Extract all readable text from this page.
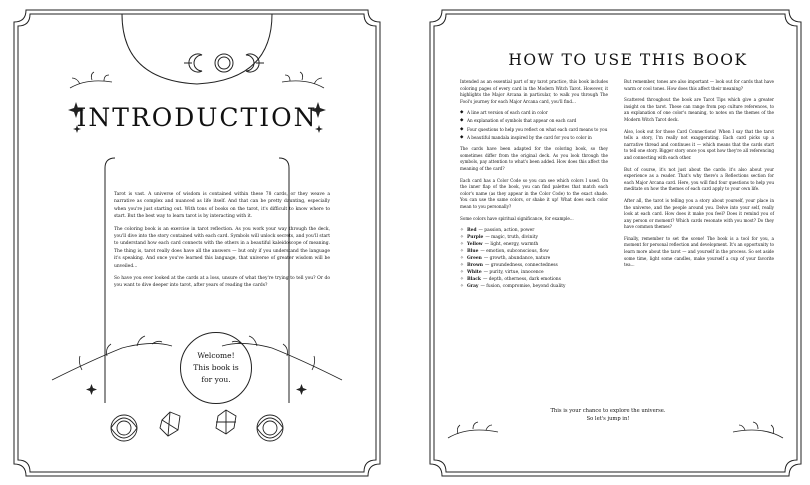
INTRODUCTION

Tarot is vast. A universe of wisdom is contained within these 78 cards, or they weave a narrative as complex and nuanced as life itself. And that can be pretty daunting, especially when you're just starting out. With tons of books on the tarot, it's difficult to know where to start. But the best way to learn tarot is by interacting with it.

The coloring book is an exercise in tarot reflection. As you work your way through the deck, you'll dive into the story contained with each card. Symbols will unlock secrets, and you'll start to understand how each card connects with the others in a beautiful kaleidoscope of meaning. The thing is, tarot really does have all the answers — but only if you understand the language it's speaking. And once you've learned this language, that universe of greater wisdom will be unveiled...

So have you ever looked at the cards at a loss, unsure of what they're trying to tell you? Or do you want to dive deeper into tarot, after years of reading the cards?

Welcome!
This book is
for you.
HOW TO USE THIS BOOK

Intended as an essential part of my tarot practice, this book includes coloring pages of every card in the Modern Witch Tarot. However, it highlights the Major Arcana in particular, to walk you through The Fool's journey for each Major Arcana card, you'll find...

◆ A line art version of each card in color
◆ An explanation of symbols that appear on each card
◆ Four questions to help you reflect on what each card means to you
◆ A beautiful mandala inspired by the card for you to color in

The cards have been adapted for the coloring book, so they sometimes differ from the original deck. As you look through the symbols, pay attention to what's been added. How does this affect the meaning of the card?

Each card has a Color Code so you can see which colors I used. On the inner flap of the book, you can find palettes that match each color's name (as they appear in the Color Code) to the exact shade. You can use the same colors, or shake it up! What does each color mean to you personally?

Some colors have spiritual significance, for example...

✧ Red — passion, action, power
✧ Purple — magic, truth, divinity
✧ Yellow — light, energy, warmth
✧ Blue — emotion, subconscious, flow
✧ Green — growth, abundance, nature
✧ Brown — groundedness, connectedness
✧ White — purity, virtue, innocence
✧ Black — depth, otherness, dark emotions
✧ Gray — fusion, compromise, beyond duality

But remember, tones are also important — look out for cards that have warm or cool tones. How does this affect their meaning?

Scattered throughout the book are Tarot Tips which give a greater insight on the tarot. These can range from pop culture references, to an explanation of one color's meaning, to notes on the themes of the Modern Witch Tarot deck.

Also, look out for those Card Connections! When I say that the tarot tells a story, I'm really not exaggerating. Each card picks up a narrative thread and continues it — which means that the cards start to tell one story. Bigger story once you spot how they're all referencing and connecting with each other.

But of course, it's not just about the cards: it's also about your experience as a reader. That's why there's a Reflections section for each Major Arcana card. Here, you will find four questions to help you meditate on how the themes of each card apply to your own life.

After all, the tarot is telling you a story about yourself, your place in the universe, and the people around you. Delve into your self, really look at each card. How does it make you feel? Does it remind you of any person or moment? Which cards resonate with you most? Do they have common themes?

Finally, remember to set the scene! The book is a tool for you, a moment for personal reflection and development. It's an opportunity to learn more about the tarot — and yourself in the process. So set aside some time, light some candles, make yourself a cup of your favorite tea...

This is your chance to explore the universe.
So let's jump in!
